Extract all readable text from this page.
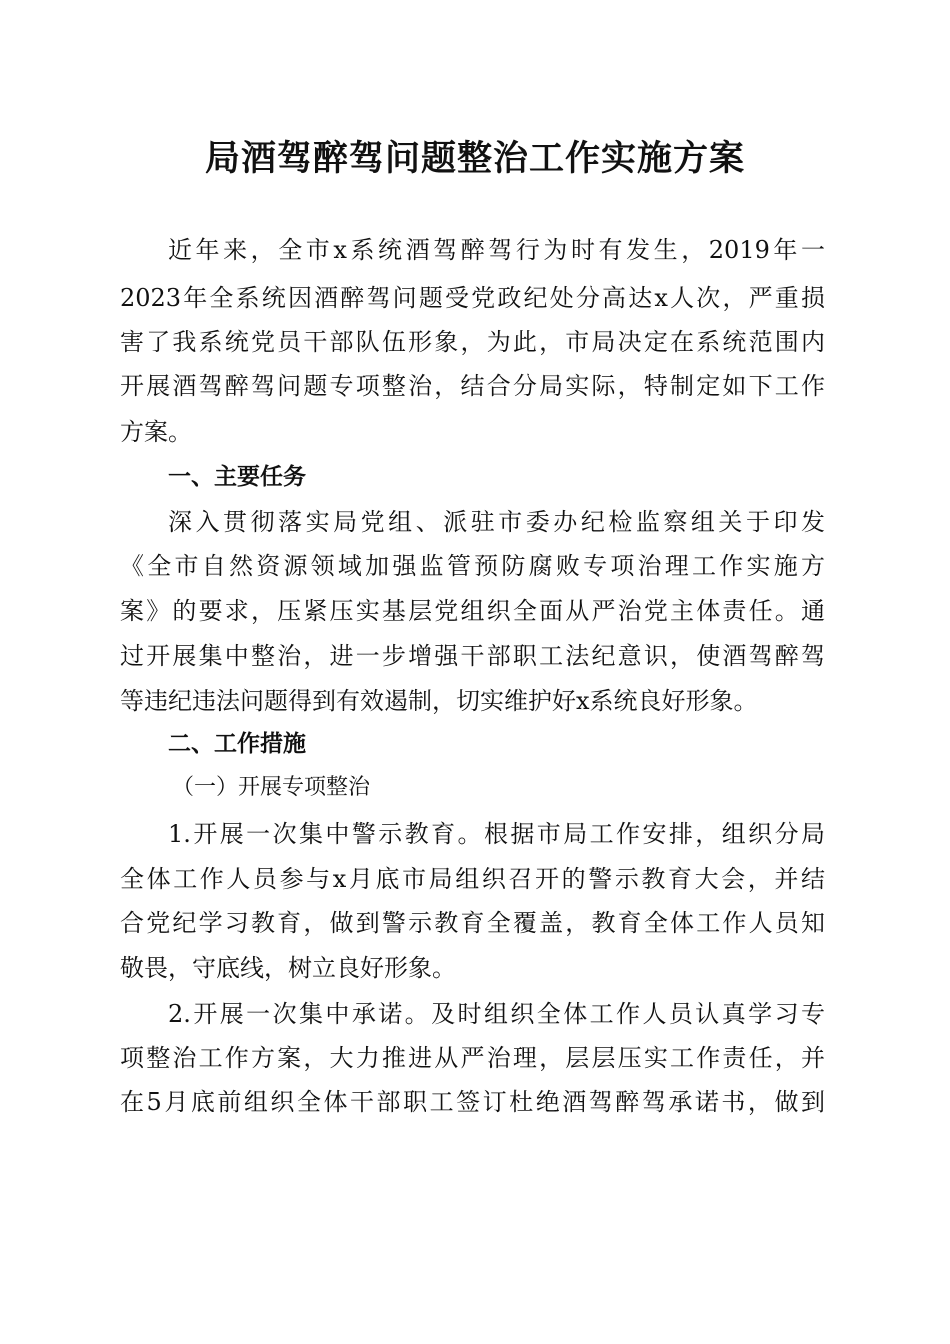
局酒驾醉驾问题整治工作实施方案

近年来，全市x系统酒驾醉驾行为时有发生，2019年一

2023年全系统因酒醉驾问题受党政纪处分高达x人次，严重损

害了我系统党员干部队伍形象，为此，市局决定在系统范围内

开展酒驾醉驾问题专项整治，结合分局实际，特制定如下工作

方案。

一、主要任务

深入贯彻落实局党组、派驻市委办纪检监察组关于印发

《全市自然资源领域加强监管预防腐败专项治理工作实施方

案》的要求，压紧压实基层党组织全面从严治党主体责任。通

过开展集中整治，进一步增强干部职工法纪意识，使酒驾醉驾

等违纪违法问题得到有效遏制，切实维护好x系统良好形象。

二、工作措施

（一）开展专项整治

1.开展一次集中警示教育。根据市局工作安排，组织分局

全体工作人员参与x月底市局组织召开的警示教育大会，并结

合党纪学习教育，做到警示教育全覆盖，教育全体工作人员知

敬畏，守底线，树立良好形象。

2.开展一次集中承诺。及时组织全体工作人员认真学习专

项整治工作方案，大力推进从严治理，层层压实工作责任，并

在5月底前组织全体干部职工签订杜绝酒驾醉驾承诺书，做到
